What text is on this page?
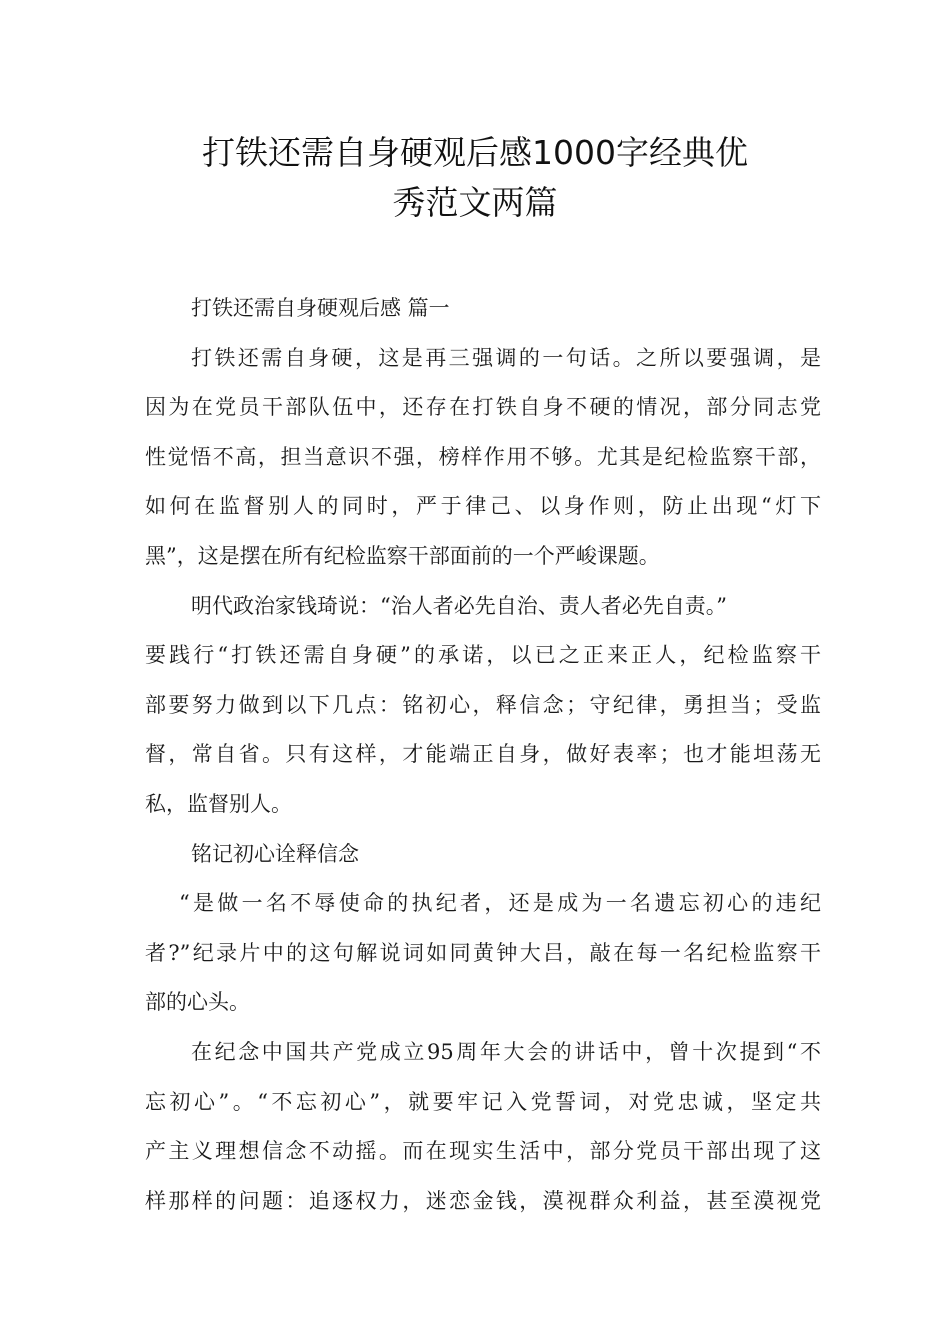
打铁还需自身硬观后感1000字经典优
秀范文两篇
打铁还需自身硬观后感 篇一
打铁还需自身硬，这是再三强调的一句话。之所以要强调，是
因为在党员干部队伍中，还存在打铁自身不硬的情况，部分同志党
性觉悟不高，担当意识不强，榜样作用不够。尤其是纪检监察干部，
如何在监督别人的同时，严于律己、以身作则，防止出现“灯下
黑”，这是摆在所有纪检监察干部面前的一个严峻课题。
明代政治家钱琦说：“治人者必先自治、责人者必先自责。”
要践行“打铁还需自身硬”的承诺，以已之正来正人，纪检监察干
部要努力做到以下几点：铭初心，释信念；守纪律，勇担当；受监
督，常自省。只有这样，才能端正自身，做好表率；也才能坦荡无
私，监督别人。
铭记初心诠释信念
“是做一名不辱使命的执纪者，还是成为一名遗忘初心的违纪
者?”纪录片中的这句解说词如同黄钟大吕，敲在每一名纪检监察干
部的心头。
在纪念中国共产党成立95周年大会的讲话中，曾十次提到“不
忘初心”。“不忘初心”，就要牢记入党誓词，对党忠诚，坚定共
产主义理想信念不动摇。而在现实生活中，部分党员干部出现了这
样那样的问题：追逐权力，迷恋金钱，漠视群众利益，甚至漠视党
